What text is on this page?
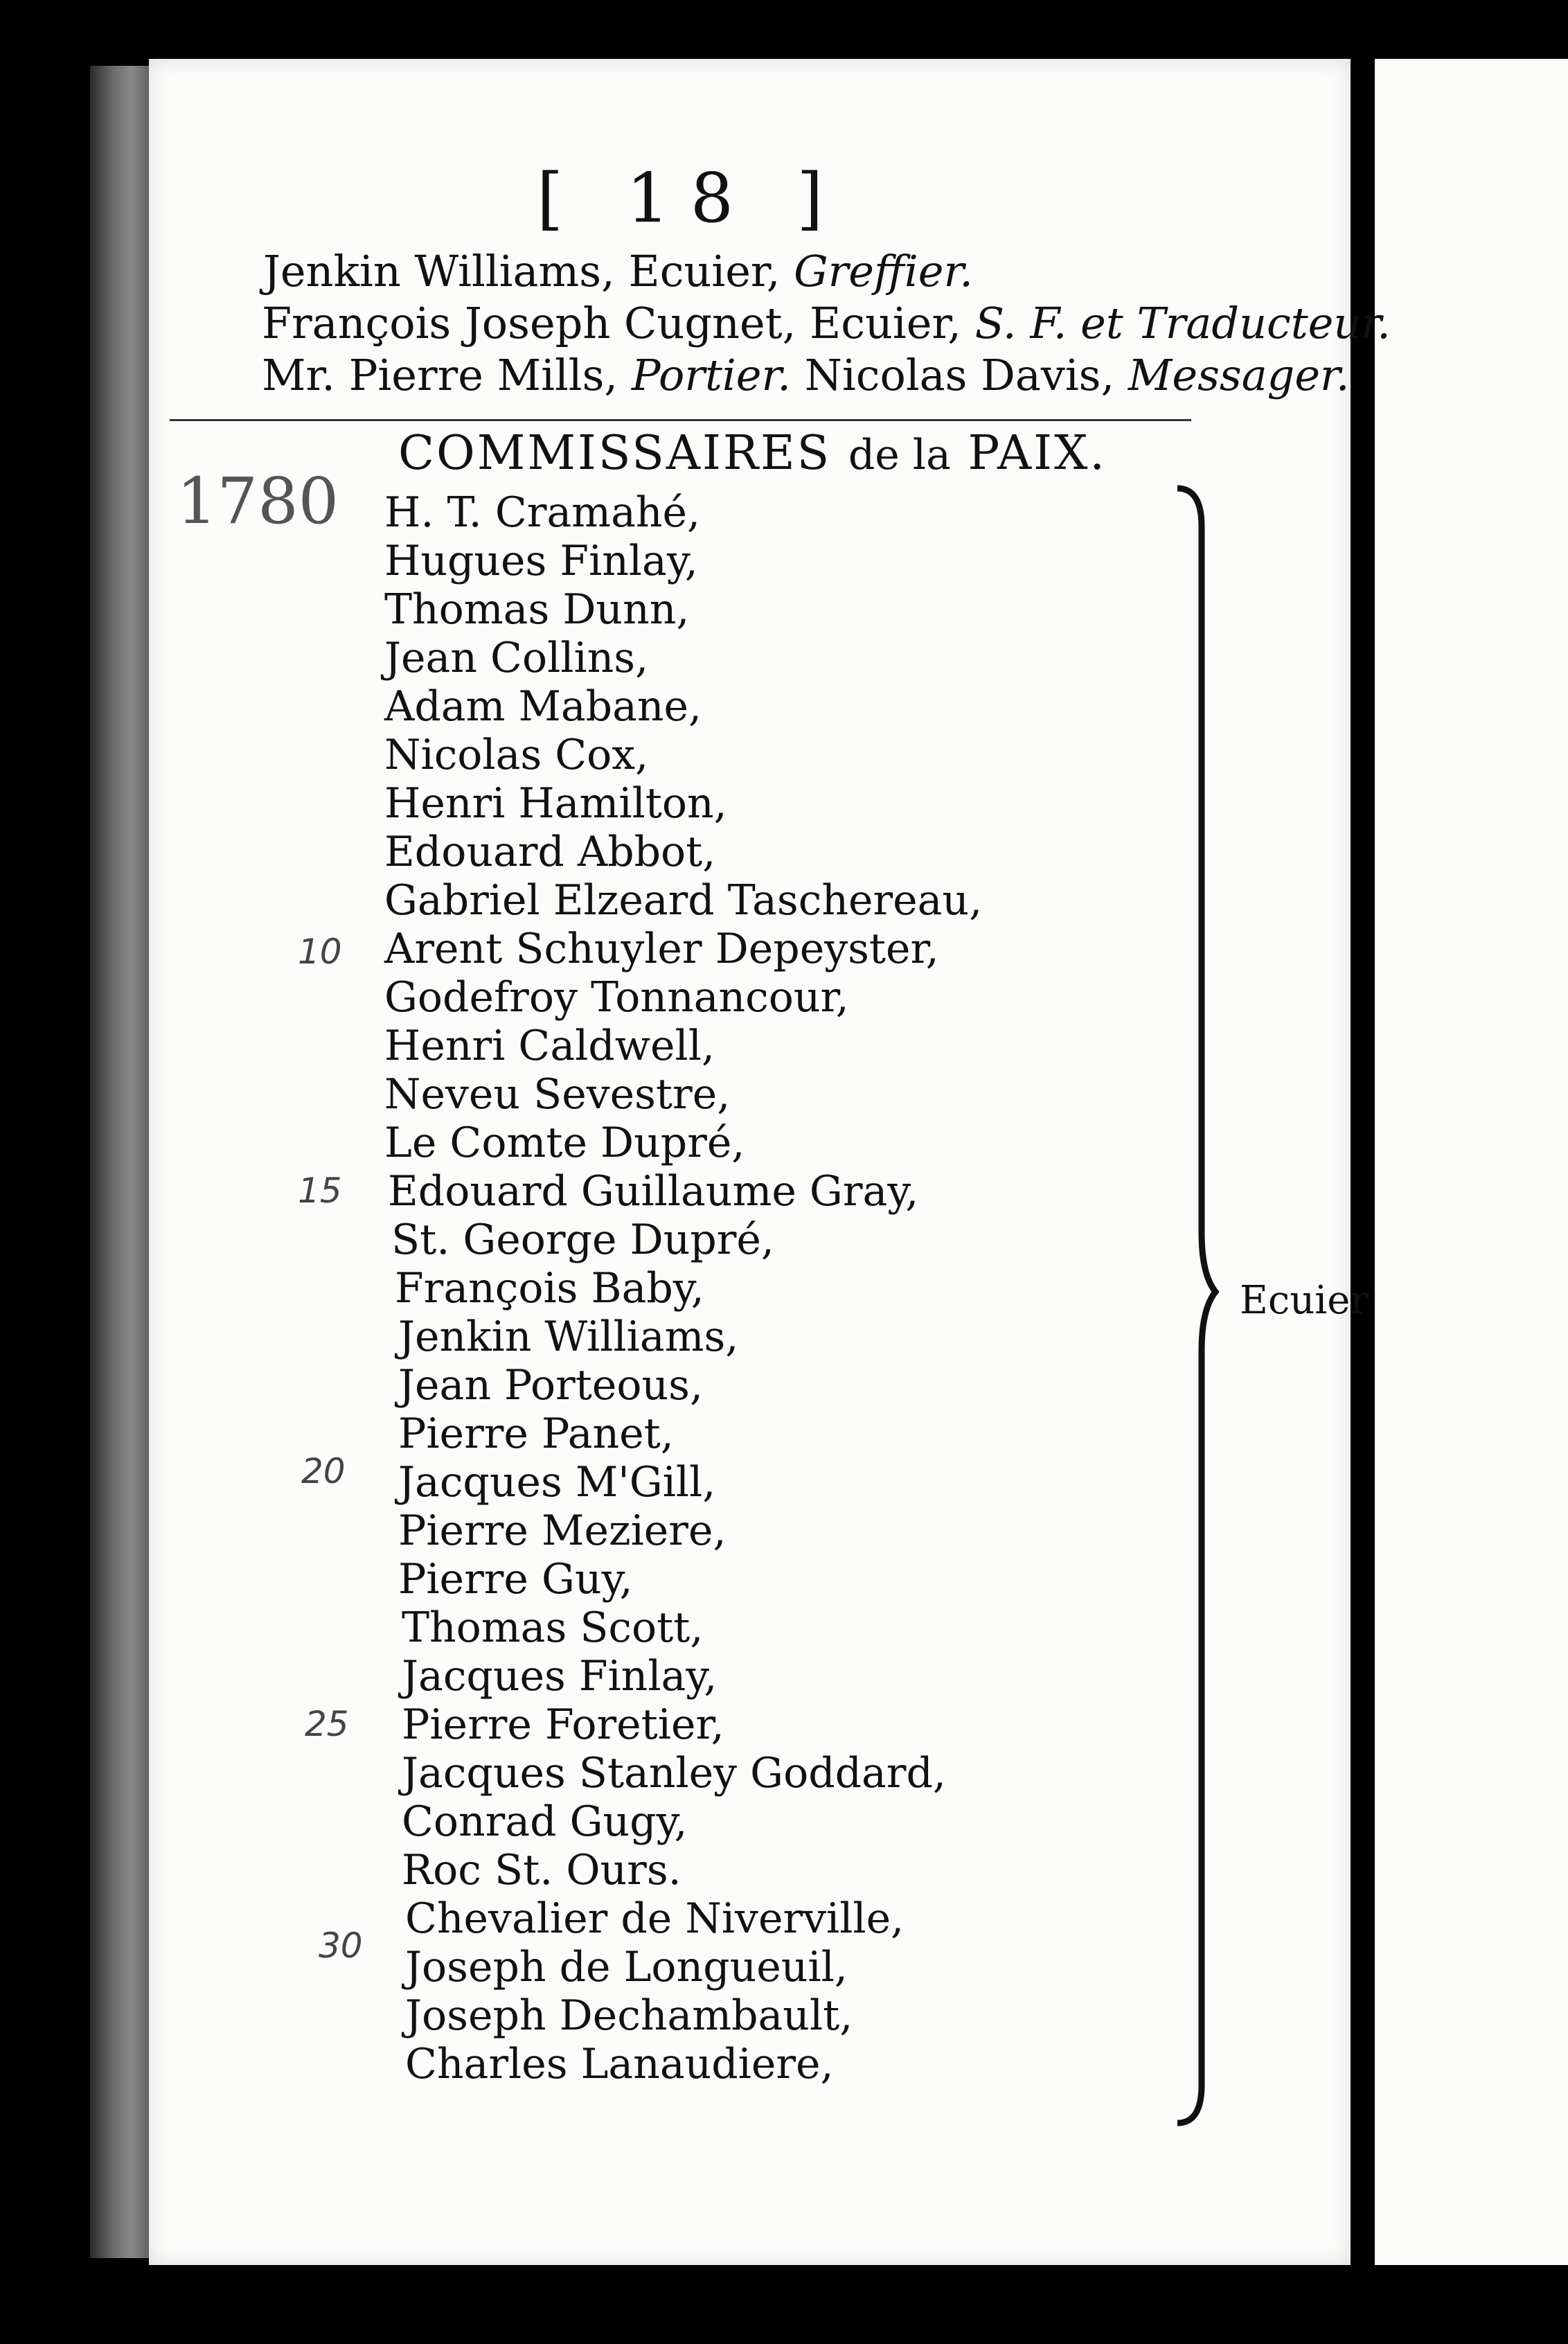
[ 18 ]
Jenkin Williams, Ecuier, Greffier.
François Joseph Cugnet, Ecuier, S. F. et Traducteur.
Mr. Pierre Mills, Portier. Nicolas Davis, Messager.
COMMISSAIRES de la PAIX.
1780 H. T. Cramahé,
Hugues Finlay,
Thomas Dunn,
Jean Collins,
Adam Mabane,
Nicolas Cox,
Henri Hamilton,
Edouard Abbot,
Gabriel Elzeard Taschereau,
10 Arent Schuyler Depeyster,
Godefroy Tonnancour,
Henri Caldwell,
Neveu Sevestre,
Le Comte Dupré,
15 Edouard Guillaume Gray,
St. George Dupré,
François Baby,
Jenkin Williams,
Jean Porteous,
20
Pierre Panet,
Jacques M'Gill,
Pierre Meziere,
Pierre Guy,
Thomas Scott,
25
Jacques Finlay,
Pierre Foretier,
Jacques Stanley Goddard,
Conrad Gugy,
Roc St. Ours.
30
Chevalier de Niverville,
Joseph de Longueuil,
Joseph Dechambault,
Charles Lanaudiere,
Ecuier
